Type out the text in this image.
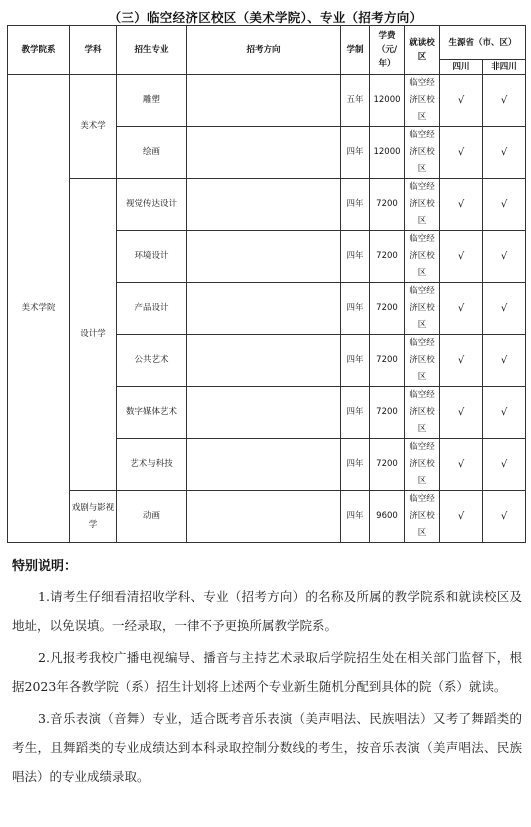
（三）临空经济区校区（美术学院）、专业（招考方向）
教学院系	学科	招生专业	招考方向	学制	学费（元/年）	就读校区	生源省（市、区）	
							四川	非四川
美术学院	美术学	雕塑		五年	12000	临空经济区校区	√	√
		绘画		四年	12000	临空经济区校区	√	√
	设计学	视觉传达设计		四年	7200	临空经济区校区	√	√
		环境设计		四年	7200	临空经济区校区	√	√
		产品设计		四年	7200	临空经济区校区	√	√
		公共艺术		四年	7200	临空经济区校区	√	√
		数字媒体艺术		四年	7200	临空经济区校区	√	√
		艺术与科技		四年	7200	临空经济区校区	√	√
	戏剧与影视学	动画		四年	9600	临空经济区校区	√	√
特别说明：

1.请考生仔细看清招收学科、专业（招考方向）的名称及所属的教学院系和就读校区及地址，以免误填。一经录取，一律不予更换所属教学院系。

2.凡报考我校广播电视编导、播音与主持艺术录取后学院招生处在相关部门监督下，根据2023年各教学院（系）招生计划将上述两个专业新生随机分配到具体的院（系）就读。

3.音乐表演（音舞）专业，适合既考音乐表演（美声唱法、民族唱法）又考了舞蹈类的考生，且舞蹈类的专业成绩达到本科录取控制分数线的考生，按音乐表演（美声唱法、民族唱法）的专业成绩录取。
